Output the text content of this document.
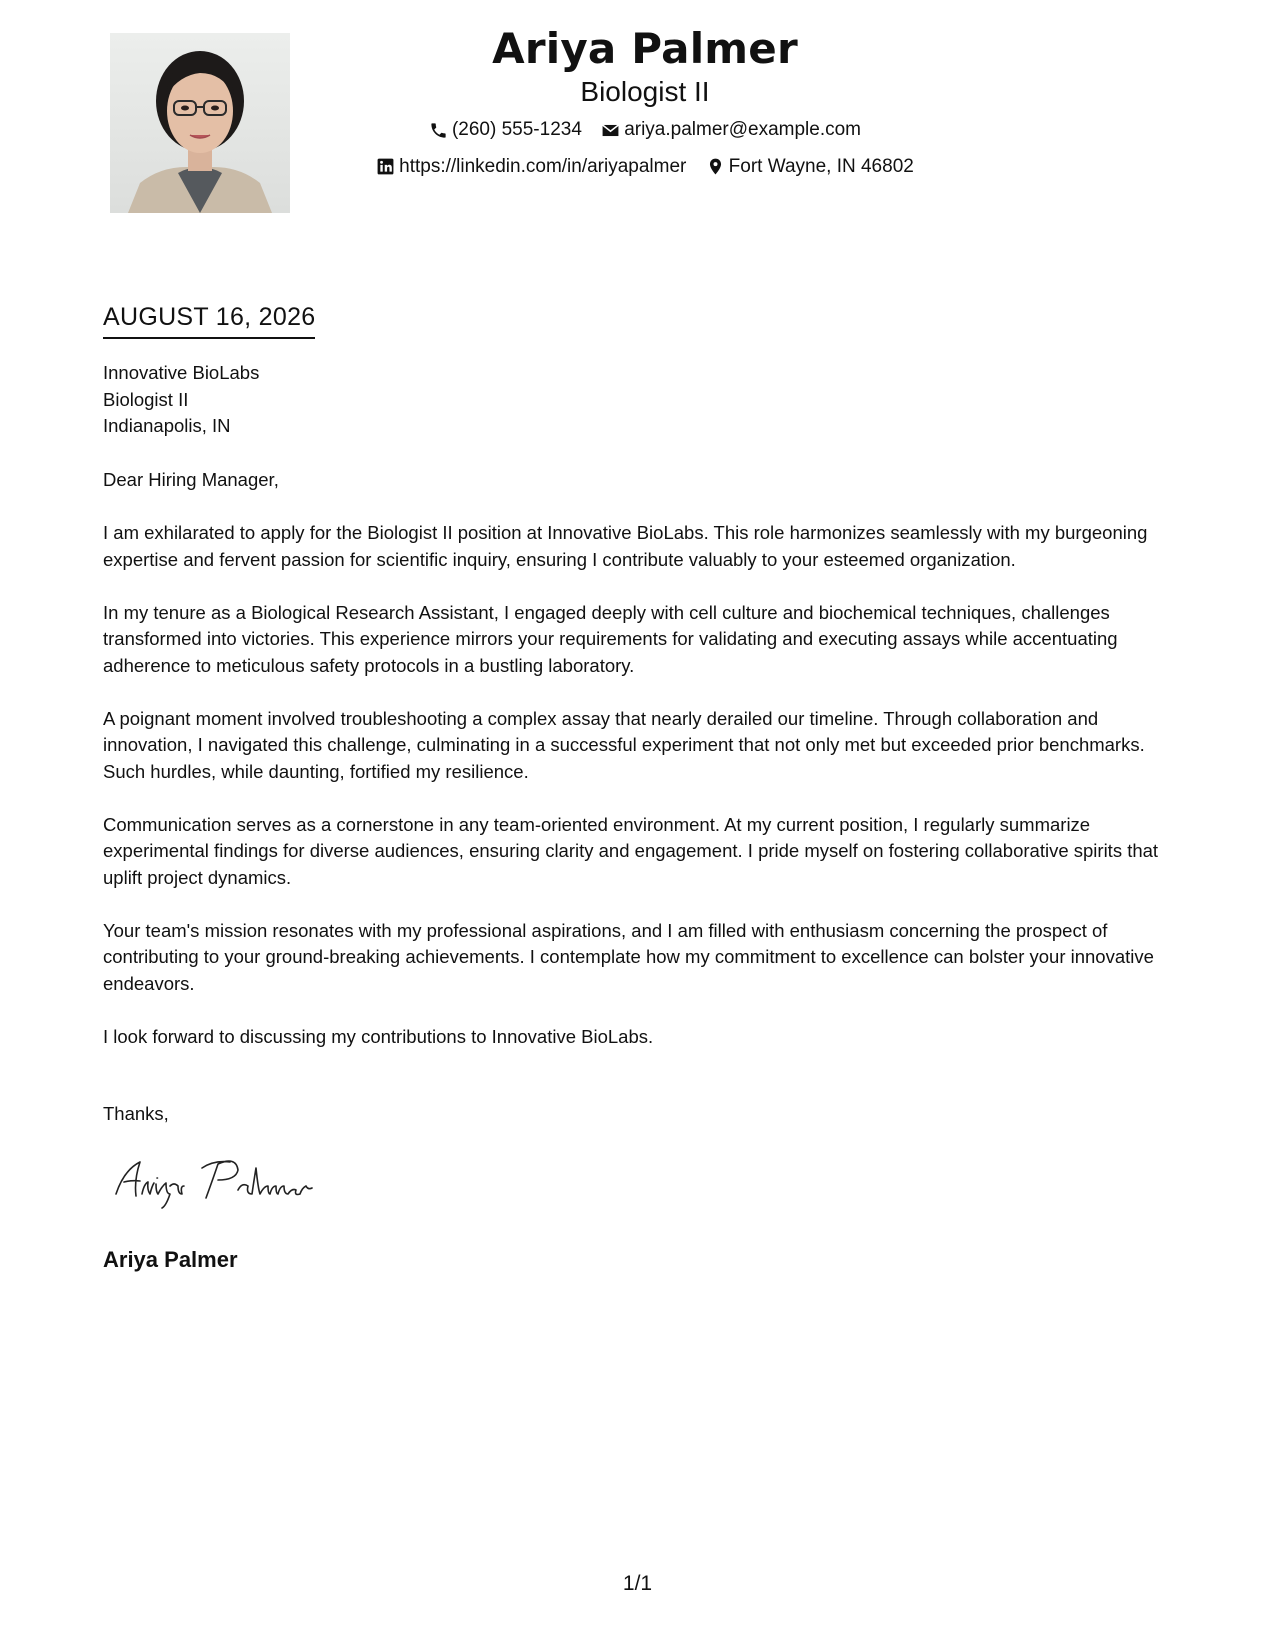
Ariya Palmer
Biologist II
(260) 555-1234
ariya.palmer@example.com
https://linkedin.com/in/ariyapalmer
Fort Wayne, IN 46802
AUGUST 16, 2026
Innovative BioLabs
Biologist II
Indianapolis, IN

Dear Hiring Manager,

I am exhilarated to apply for the Biologist II position at Innovative BioLabs. This role harmonizes seamlessly with my burgeoning expertise and fervent passion for scientific inquiry, ensuring I contribute valuably to your esteemed organization.

In my tenure as a Biological Research Assistant, I engaged deeply with cell culture and biochemical techniques, challenges transformed into victories. This experience mirrors your requirements for validating and executing assays while accentuating adherence to meticulous safety protocols in a bustling laboratory.

A poignant moment involved troubleshooting a complex assay that nearly derailed our timeline. Through collaboration and innovation, I navigated this challenge, culminating in a successful experiment that not only met but exceeded prior benchmarks. Such hurdles, while daunting, fortified my resilience.

Communication serves as a cornerstone in any team-oriented environment. At my current position, I regularly summarize experimental findings for diverse audiences, ensuring clarity and engagement. I pride myself on fostering collaborative spirits that uplift project dynamics.

Your team's mission resonates with my professional aspirations, and I am filled with enthusiasm concerning the prospect of contributing to your ground-breaking achievements. I contemplate how my commitment to excellence can bolster your innovative endeavors.

I look forward to discussing my contributions to Innovative BioLabs.

Thanks,
Ariya Palmer
1/1
